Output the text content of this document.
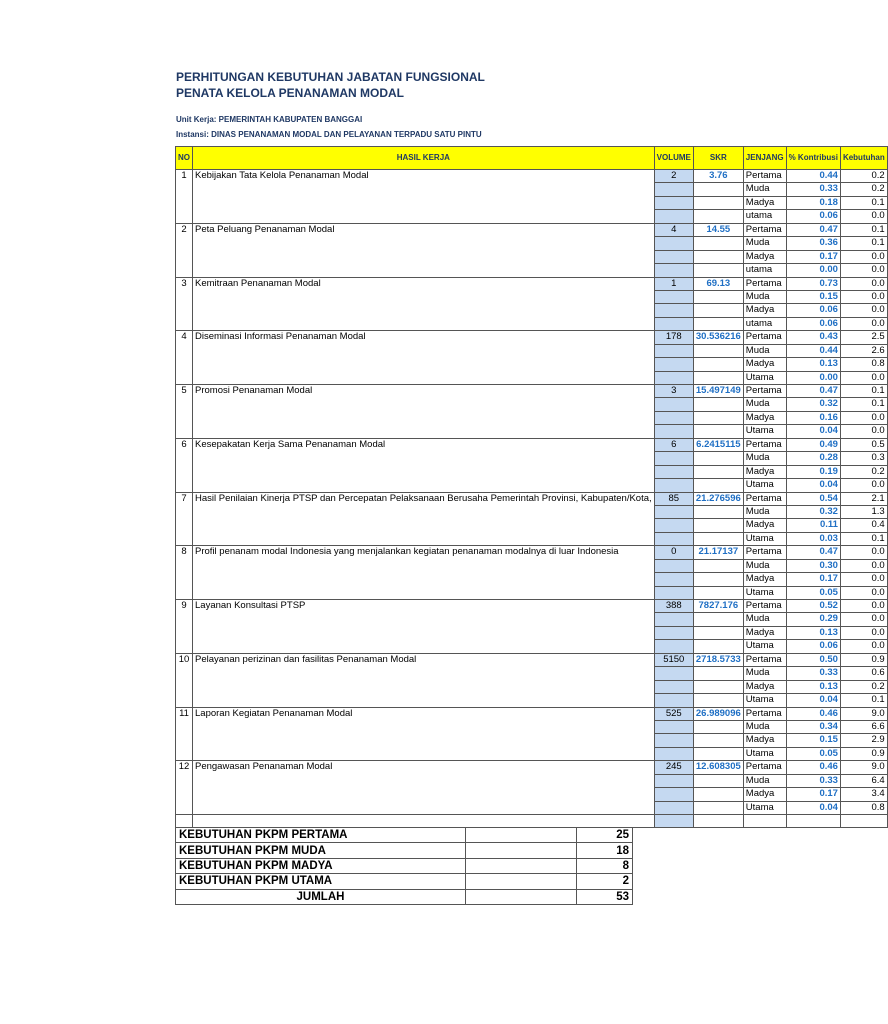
PERHITUNGAN KEBUTUHAN JABATAN FUNGSIONAL
PENATA KELOLA PENANAMAN MODAL
Unit Kerja: PEMERINTAH KABUPATEN BANGGAI
Instansi: DINAS PENANAMAN MODAL DAN PELAYANAN TERPADU SATU PINTU
NO	HASIL KERJA	VOLUME	SKR	JENJANG	% Kontribusi	Kebutuhan
1	Kebijakan Tata Kelola Penanaman Modal	2	3.76	Pertama	0.44	0.2
				Muda	0.33	0.2
				Madya	0.18	0.1
				utama	0.06	0.0
2	Peta Peluang Penanaman Modal	4	14.55	Pertama	0.47	0.1
				Muda	0.36	0.1
				Madya	0.17	0.0
				utama	0.00	0.0
3	Kemitraan Penanaman Modal	1	69.13	Pertama	0.73	0.0
				Muda	0.15	0.0
				Madya	0.06	0.0
				utama	0.06	0.0
4	Diseminasi Informasi Penanaman Modal	178	30.536216	Pertama	0.43	2.5
				Muda	0.44	2.6
				Madya	0.13	0.8
				Utama	0.00	0.0
5	Promosi Penanaman Modal	3	15.497149	Pertama	0.47	0.1
				Muda	0.32	0.1
				Madya	0.16	0.0
				Utama	0.04	0.0
6	Kesepakatan Kerja Sama Penanaman Modal	6	6.2415115	Pertama	0.49	0.5
				Muda	0.28	0.3
				Madya	0.19	0.2
				Utama	0.04	0.0
7	Hasil Penilaian Kinerja PTSP dan Percepatan Pelaksanaan Berusaha Pemerintah Provinsi, Kabupaten/Kota,	85	21.276596	Pertama	0.54	2.1
				Muda	0.32	1.3
				Madya	0.11	0.4
				Utama	0.03	0.1
8	Profil penanam modal Indonesia yang menjalankan kegiatan penanaman modalnya di luar Indonesia	0	21.17137	Pertama	0.47	0.0
				Muda	0.30	0.0
				Madya	0.17	0.0
				Utama	0.05	0.0
9	Layanan Konsultasi PTSP	388	7827.176	Pertama	0.52	0.0
				Muda	0.29	0.0
				Madya	0.13	0.0
				Utama	0.06	0.0
10	Pelayanan perizinan dan fasilitas Penanaman Modal	5150	2718.5733	Pertama	0.50	0.9
				Muda	0.33	0.6
				Madya	0.13	0.2
				Utama	0.04	0.1
11	Laporan Kegiatan Penanaman Modal	525	26.989096	Pertama	0.46	9.0
				Muda	0.34	6.6
				Madya	0.15	2.9
				Utama	0.05	0.9
12	Pengawasan Penanaman Modal	245	12.608305	Pertama	0.46	9.0
				Muda	0.33	6.4
				Madya	0.17	3.4
				Utama	0.04	0.8

KEBUTUHAN PKPM PERTAMA		25
KEBUTUHAN PKPM MUDA		18
KEBUTUHAN PKPM MADYA		8
KEBUTUHAN PKPM UTAMA		2
JUMLAH		53
